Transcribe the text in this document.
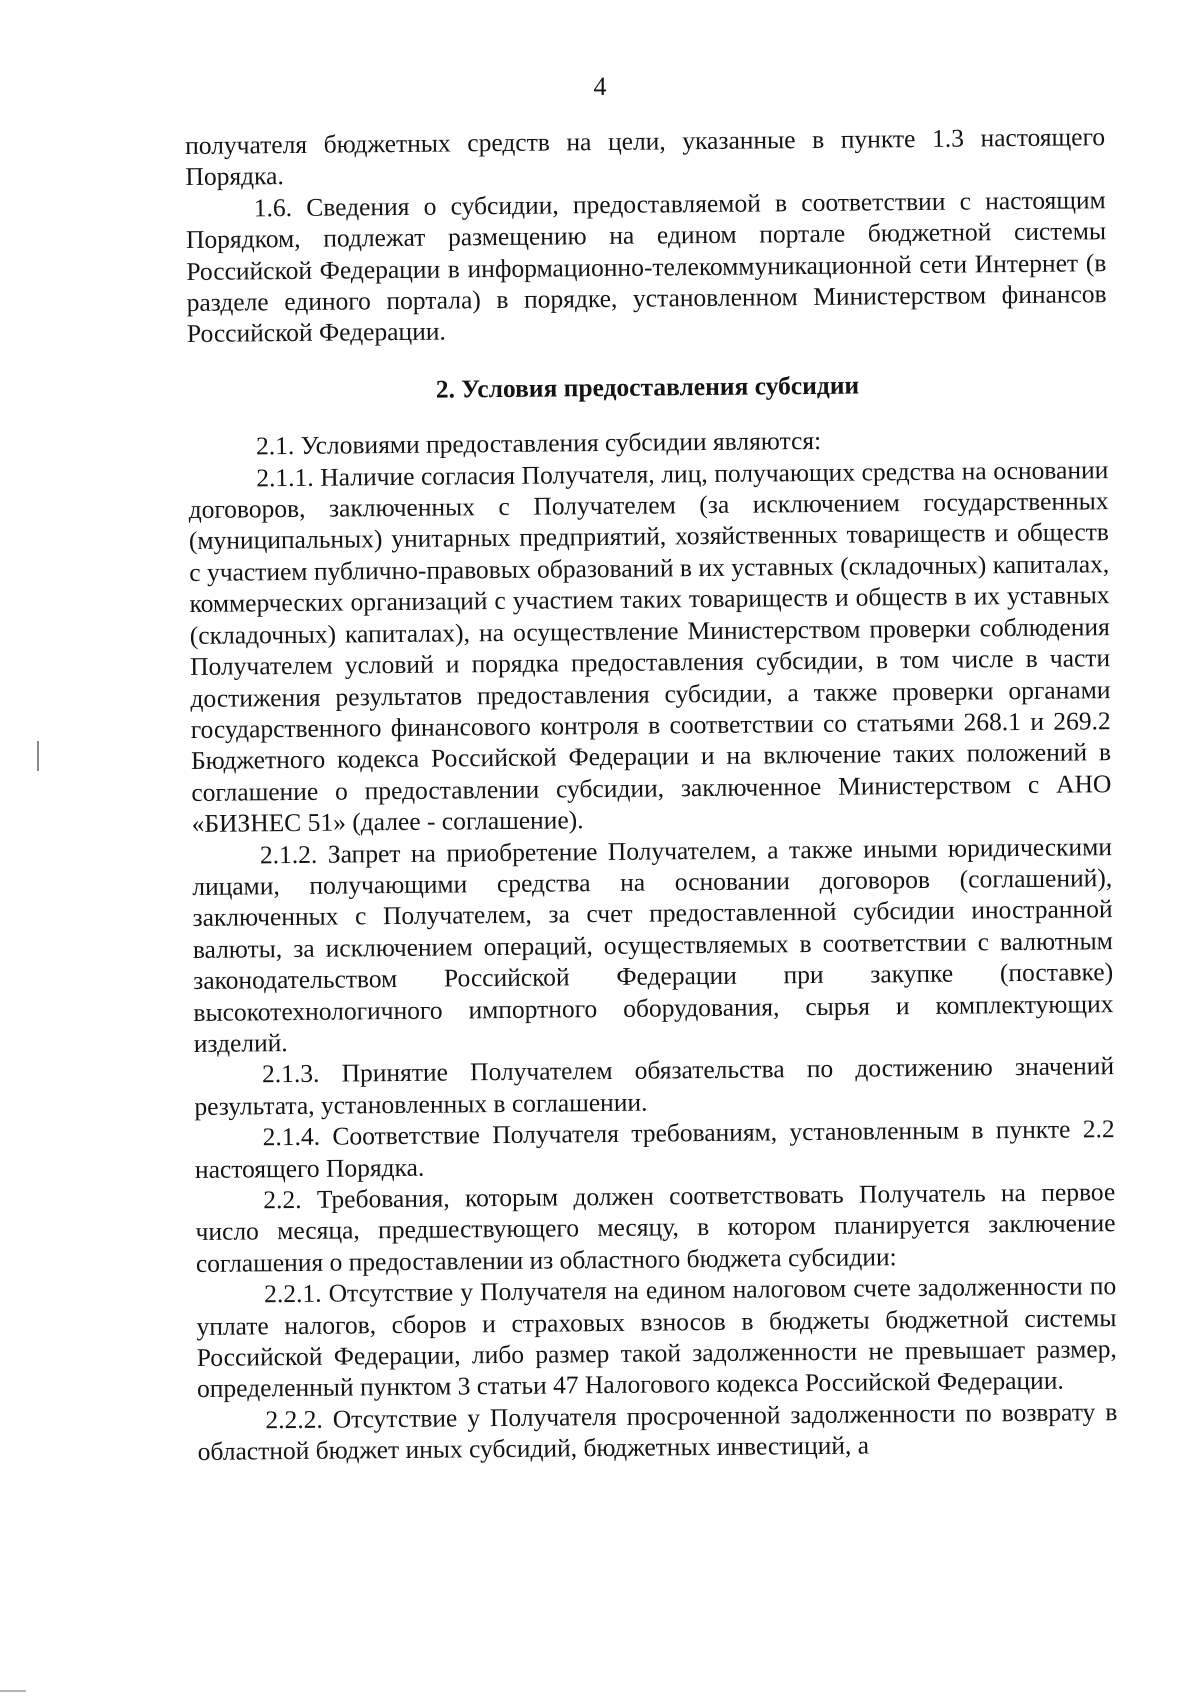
4

получателя бюджетных средств на цели, указанные в пункте 1.3 настоящего Порядка.

1.6. Сведения о субсидии, предоставляемой в соответствии с настоящим Порядком, подлежат размещению на едином портале бюджетной системы Российской Федерации в информационно-телекоммуникационной сети Интернет (в разделе единого портала) в порядке, установленном Министерством финансов Российской Федерации.

2. Условия предоставления субсидии

2.1. Условиями предоставления субсидии являются:

2.1.1. Наличие согласия Получателя, лиц, получающих средства на основании договоров, заключенных с Получателем (за исключением государственных (муниципальных) унитарных предприятий, хозяйственных товариществ и обществ с участием публично-правовых образований в их уставных (складочных) капиталах, коммерческих организаций с участием таких товариществ и обществ в их уставных (складочных) капиталах), на осуществление Министерством проверки соблюдения Получателем условий и порядка предоставления субсидии, в том числе в части достижения результатов предоставления субсидии, а также проверки органами государственного финансового контроля в соответствии со статьями 268.1 и 269.2 Бюджетного кодекса Российской Федерации и на включение таких положений в соглашение о предоставлении субсидии, заключенное Министерством с АНО «БИЗНЕС 51» (далее - соглашение).

2.1.2. Запрет на приобретение Получателем, а также иными юридическими лицами, получающими средства на основании договоров (соглашений), заключенных с Получателем, за счет предоставленной субсидии иностранной валюты, за исключением операций, осуществляемых в соответствии с валютным законодательством Российской Федерации при закупке (поставке) высокотехнологичного импортного оборудования, сырья и комплектующих изделий.

2.1.3. Принятие Получателем обязательства по достижению значений результата, установленных в соглашении.

2.1.4. Соответствие Получателя требованиям, установленным в пункте 2.2 настоящего Порядка.

2.2. Требования, которым должен соответствовать Получатель на первое число месяца, предшествующего месяцу, в котором планируется заключение соглашения о предоставлении из областного бюджета субсидии:

2.2.1. Отсутствие у Получателя на едином налоговом счете задолженности по уплате налогов, сборов и страховых взносов в бюджеты бюджетной системы Российской Федерации, либо размер такой задолженности не превышает размер, определенный пунктом 3 статьи 47 Налогового кодекса Российской Федерации.

2.2.2. Отсутствие у Получателя просроченной задолженности по возврату в областной бюджет иных субсидий, бюджетных инвестиций, а
